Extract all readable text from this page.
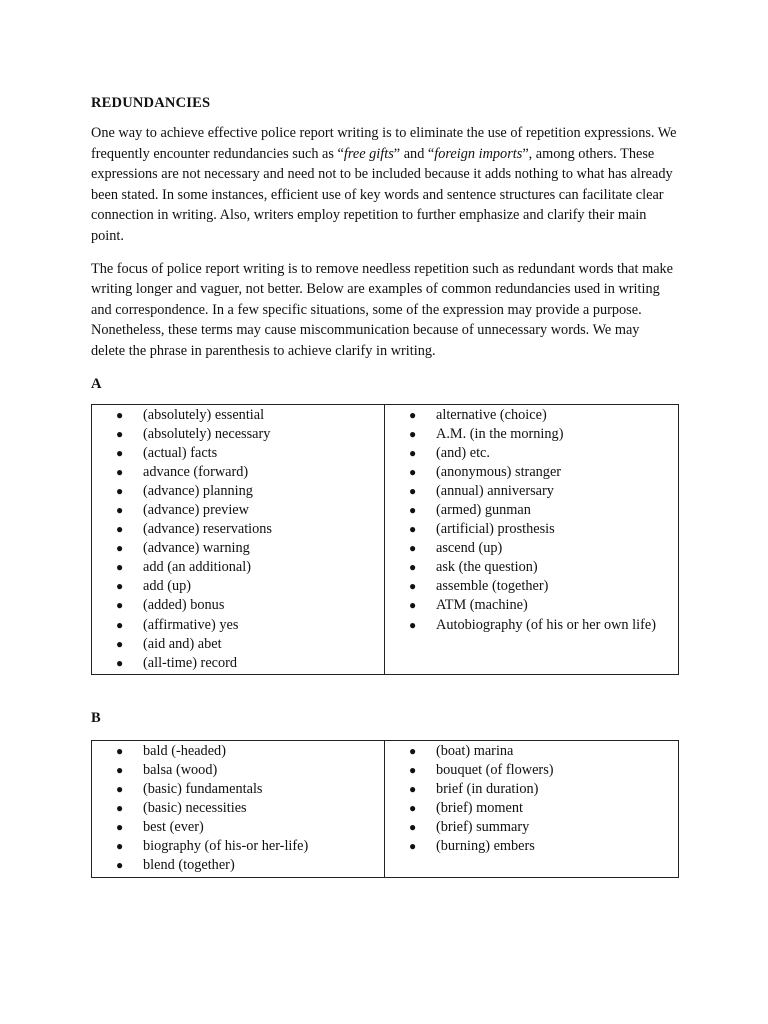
REDUNDANCIES

One way to achieve effective police report writing is to eliminate the use of repetition expressions. We frequently encounter redundancies such as “free gifts” and “foreign imports”, among others. These expressions are not necessary and need not to be included because it adds nothing to what has already been stated. In some instances, efficient use of key words and sentence structures can facilitate clear connection in writing. Also, writers employ repetition to further emphasize and clarify their main point.

The focus of police report writing is to remove needless repetition such as redundant words that make writing longer and vaguer, not better. Below are examples of common redundancies used in writing and correspondence. In a few specific situations, some of the expression may provide a purpose. Nonetheless, these terms may cause miscommunication because of unnecessary words. We may delete the phrase in parenthesis to achieve clarify in writing.

A
● (absolutely) essential
● (absolutely) necessary
● (actual) facts
● advance (forward)
● (advance) planning
● (advance) preview
● (advance) reservations
● (advance) warning
● add (an additional)
● add (up)
● (added) bonus
● (affirmative) yes
● (aid and) abet
● (all-time) record

● alternative (choice)
● A.M. (in the morning)
● (and) etc.
● (anonymous) stranger
● (annual) anniversary
● (armed) gunman
● (artificial) prosthesis
● ascend (up)
● ask (the question)
● assemble (together)
● ATM (machine)
● Autobiography (of his or her own life)
B
● bald (-headed)
● balsa (wood)
● (basic) fundamentals
● (basic) necessities
● best (ever)
● biography (of his-or her-life)
● blend (together)

● (boat) marina
● bouquet (of flowers)
● brief (in duration)
● (brief) moment
● (brief) summary
● (burning) embers
